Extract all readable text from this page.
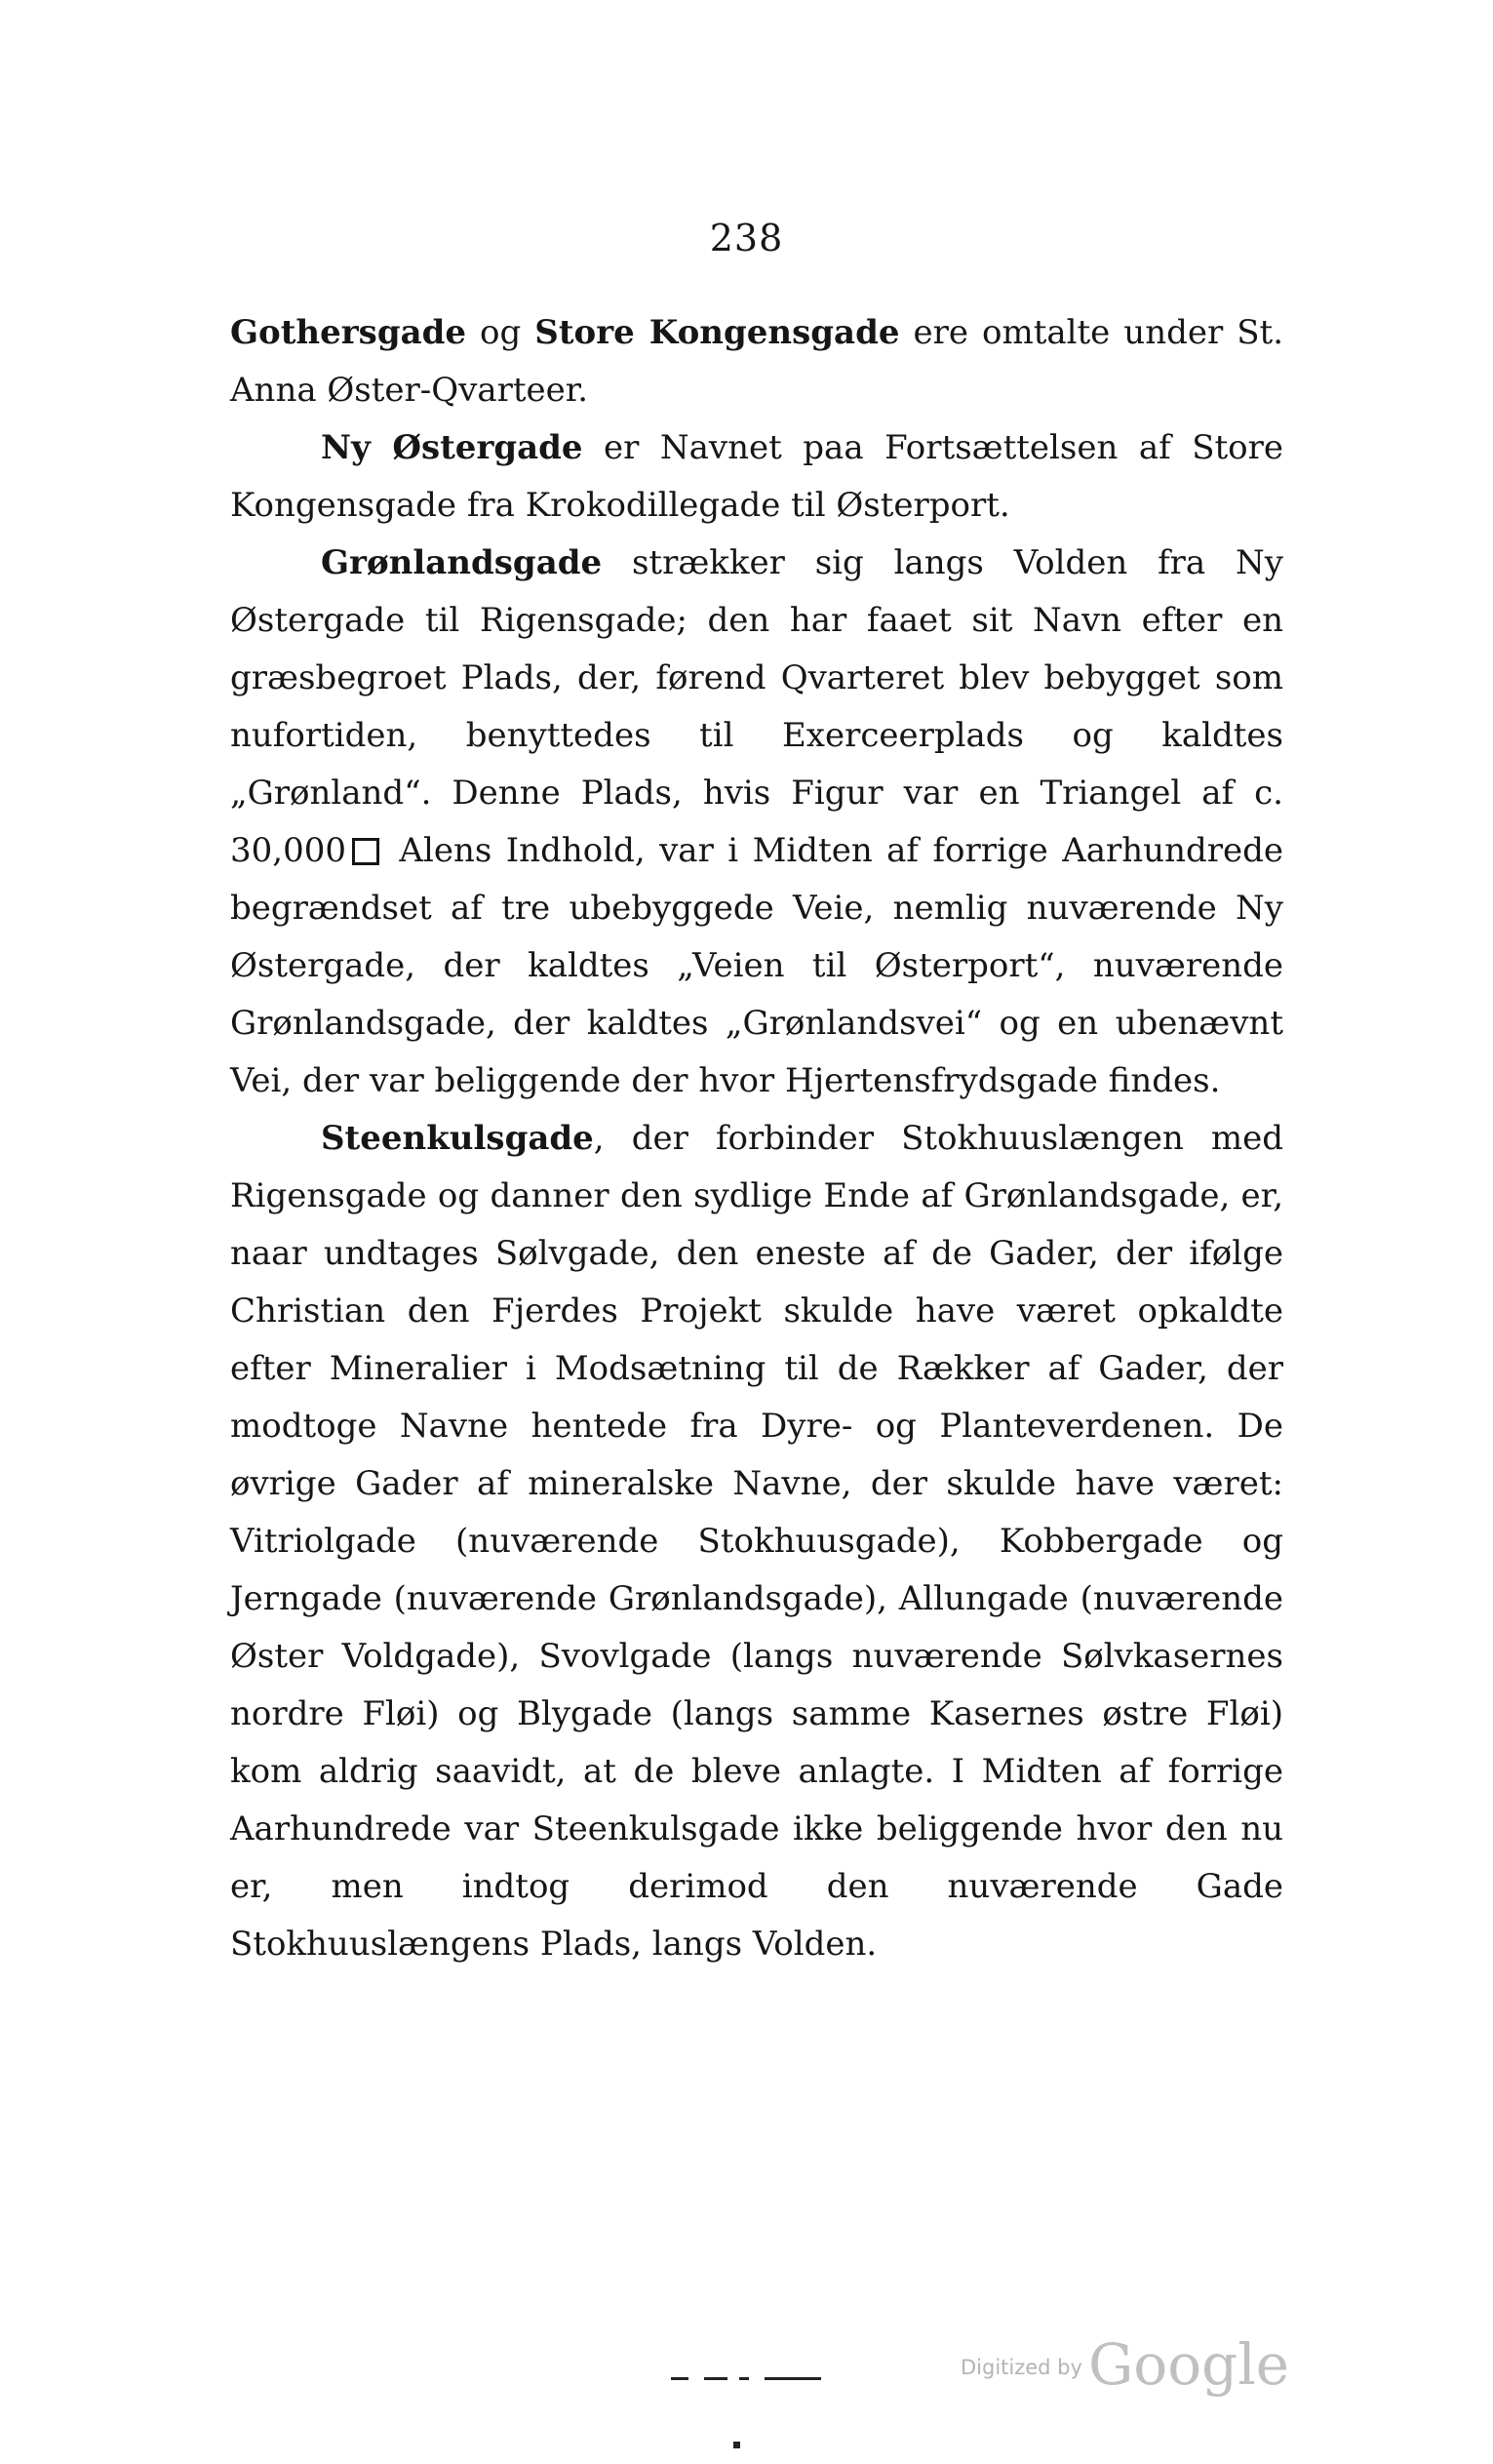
238

Gothersgade og Store Kongensgade ere omtalte under St. Anna Øster-Qvarteer.

Ny Østergade er Navnet paa Fortsættelsen af Store Kongensgade fra Krokodillegade til Østerport.

Grønlandsgade strækker sig langs Volden fra Ny Østergade til Rigensgade; den har faaet sit Navn efter en græsbegroet Plads, der, førend Qvarteret blev bebygget som nufortiden, benyttedes til Exerceerplads og kaldtes „Grønland“. Denne Plads, hvis Figur var en Triangel af c. 30,000 Alens Indhold, var i Midten af forrige Aarhundrede begrændset af tre ubebyggede Veie, nemlig nuværende Ny Østergade, der kaldtes „Veien til Østerport“, nuværende Grønlandsgade, der kaldtes „Grønlandsvei“ og en ubenævnt Vei, der var beliggende der hvor Hjertensfrydsgade findes.

Steenkulsgade, der forbinder Stokhuuslængen med Rigensgade og danner den sydlige Ende af Grønlandsgade, er, naar undtages Sølvgade, den eneste af de Gader, der ifølge Christian den Fjerdes Projekt skulde have været opkaldte efter Mineralier i Modsætning til de Rækker af Gader, der modtoge Navne hentede fra Dyre- og Planteverdenen. De øvrige Gader af mineralske Navne, der skulde have været: Vitriolgade (nuværende Stokhuusgade), Kobbergade og Jerngade (nuværende Grønlandsgade), Allungade (nuværende Øster Voldgade), Svovlgade (langs nuværende Sølvkasernes nordre Fløi) og Blygade (langs samme Kasernes østre Fløi) kom aldrig saavidt, at de bleve anlagte. I Midten af forrige Aarhundrede var Steenkulsgade ikke beliggende hvor den nu er, men indtog derimod den nuværende Gade Stokhuuslængens Plads, langs Volden.

Digitized by Google
